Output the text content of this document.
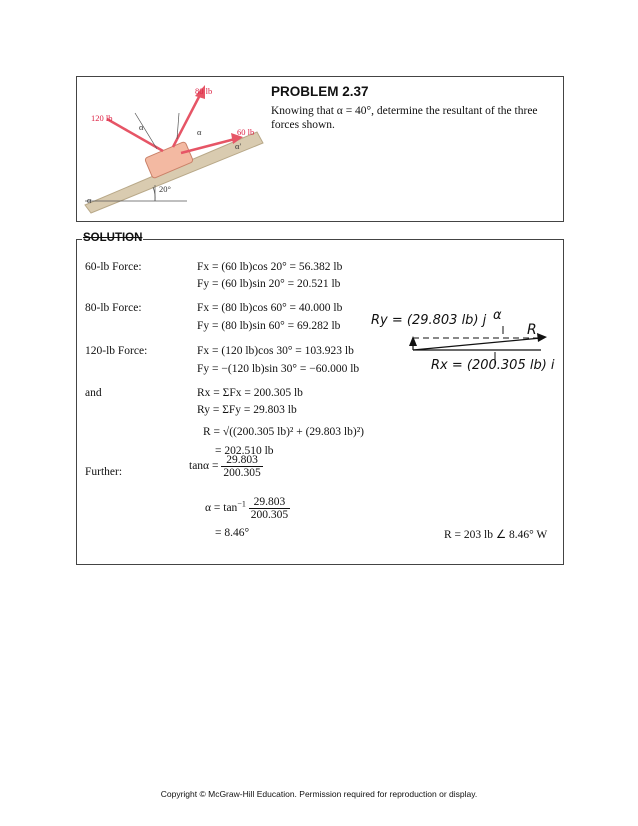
80 lb
120 lb
60 lb
α	α
α'
α
20°
PROBLEM 2.37
Knowing that α = 40°, determine the resultant of the three forces shown.
60-lb Force:	Fx = (60 lb)cos 20° = 56.382 lb
Fy = (60 lb)sin 20° = 20.521 lb
80-lb Force:	Fx = (80 lb)cos 60° = 40.000 lb
Fy = (80 lb)sin 60° = 69.282 lb
120-lb Force:	Fx = (120 lb)cos 30° = 103.923 lb
Fy = −(120 lb)sin 30° = −60.000 lb
and	Rx = ΣFx = 200.305 lb
Ry = ΣFy = 29.803 lb
R = √((200.305 lb)² + (29.803 lb)²)
= 202.510 lb
Further:	$\tan\alpha = \frac{29.803}{200.305}$
$\alpha = \tan^{-1} \frac{29.803}{200.305}$
= 8.46°	R = 203 lb ∠ 8.46° W
Ry = (29.803 lb) j α
R
Rx = (200.305 lb) i
SOLUTION
Copyright © McGraw-Hill Education. Permission required for reproduction or display.
